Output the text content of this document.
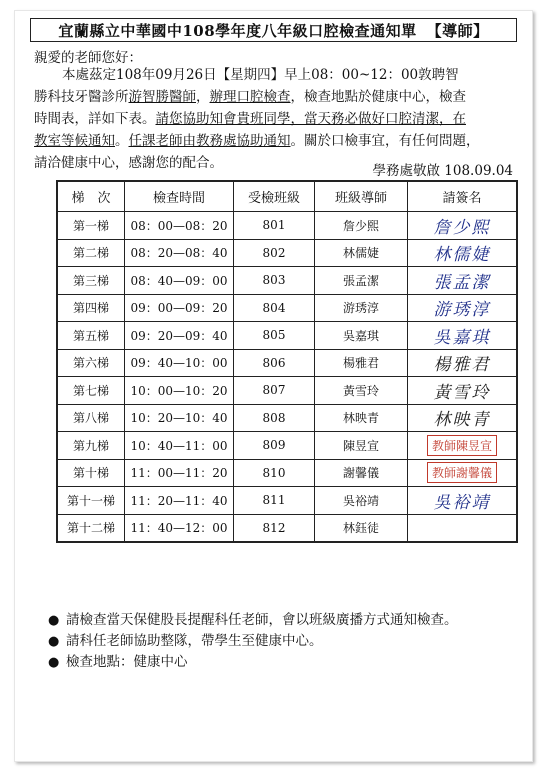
宜蘭縣立中華國中108學年度八年級口腔檢查通知單 【導師】
親愛的老師您好：

本處茲定108年09月26日【星期四】早上08：00~12：00敦聘智

勝科技牙醫診所游智勝醫師，辦理口腔檢查，檢查地點於健康中心，檢查

時間表，詳如下表。請您協助知會貴班同學，當天務必做好口腔清潔，在

教室等候通知。任課老師由教務處協助通知。關於口檢事宜，有任何問題，

請洽健康中心，感謝您的配合。	學務處敬啟 108.09.04
梯　次	檢查時間	受檢班級	班級導師	請簽名
第一梯	08：00—08：20	801	詹少熙	詹少熙
第二梯	08：20—08：40	802	林儒婕	林儒婕
第三梯	08：40—09：00	803	張孟潔	張孟潔
第四梯	09：00—09：20	804	游琇淳	游琇淳
第五梯	09：20—09：40	805	吳嘉琪	吳嘉琪
第六梯	09：40—10：00	806	楊雅君	楊雅君
第七梯	10：00—10：20	807	黃雪玲	黃雪玲
第八梯	10：20—10：40	808	林映青	林映青
第九梯	10：40—11：00	809	陳昱宣	教師陳昱宣
第十梯	11：00—11：20	810	謝馨儀	教師謝馨儀
第十一梯	11：20—11：40	811	吳裕靖	吳裕靖
第十二梯	11：40—12：00	812	林鈺徒	
● 請檢查當天保健股長提醒科任老師，會以班級廣播方式通知檢查。
● 請科任老師協助整隊，帶學生至健康中心。
● 檢查地點：健康中心
